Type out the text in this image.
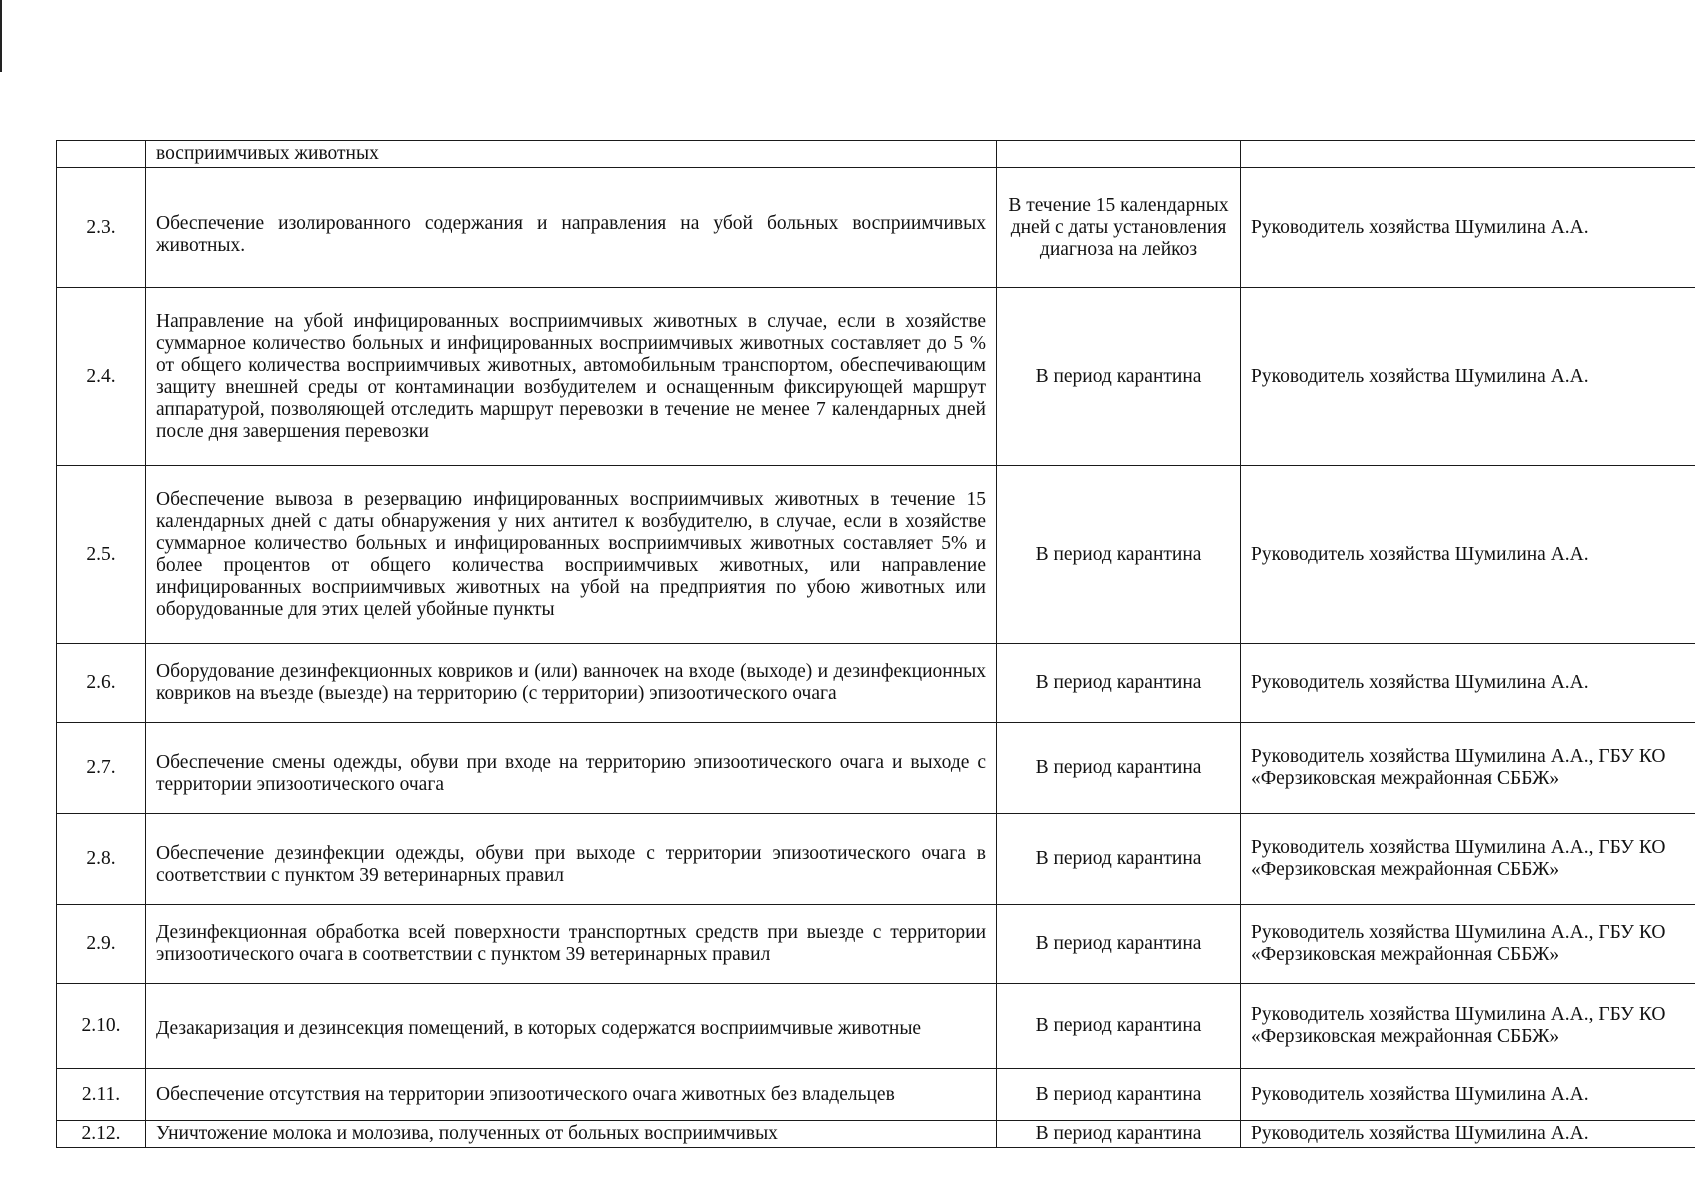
	восприимчивых животных		
2.3.	Обеспечение изолированного содержания и направления на убой больных восприимчивых животных.	В течение 15 календарных дней с даты установления диагноза на лейкоз	Руководитель хозяйства Шумилина А.А.
2.4.	Направление на убой инфицированных восприимчивых животных в случае, если в хозяйстве суммарное количество больных и инфицированных восприимчивых животных составляет до 5 % от общего количества восприимчивых животных, автомобильным транспортом, обеспечивающим защиту внешней среды от контаминации возбудителем и оснащенным фиксирующей маршрут аппаратурой, позволяющей отследить маршрут перевозки в течение не менее 7 календарных дней после дня завершения перевозки	В период карантина	Руководитель хозяйства Шумилина А.А.
2.5.	Обеспечение вывоза в резервацию инфицированных восприимчивых животных в течение 15 календарных дней с даты обнаружения у них антител к возбудителю, в случае, если в хозяйстве суммарное количество больных и инфицированных восприимчивых животных составляет 5% и более процентов от общего количества восприимчивых животных, или направление инфицированных восприимчивых животных на убой на предприятия по убою животных или оборудованные для этих целей убойные пункты	В период карантина	Руководитель хозяйства Шумилина А.А.
2.6.	Оборудование дезинфекционных ковриков и (или) ванночек на входе (выходе) и дезинфекционных ковриков на въезде (выезде) на территорию (с территории) эпизоотического очага	В период карантина	Руководитель хозяйства Шумилина А.А.
2.7.	Обеспечение смены одежды, обуви при входе на территорию эпизоотического очага и выходе с территории эпизоотического очага	В период карантина	Руководитель хозяйства Шумилина А.А., ГБУ КО «Ферзиковская межрайонная СББЖ»
2.8.	Обеспечение дезинфекции одежды, обуви при выходе с территории эпизоотического очага в соответствии с пунктом 39 ветеринарных правил	В период карантина	Руководитель хозяйства Шумилина А.А., ГБУ КО «Ферзиковская межрайонная СББЖ»
2.9.	Дезинфекционная обработка всей поверхности транспортных средств при выезде с территории эпизоотического очага в соответствии с пунктом 39 ветеринарных правил	В период карантина	Руководитель хозяйства Шумилина А.А., ГБУ КО «Ферзиковская межрайонная СББЖ»
2.10.	Дезакаризация и дезинсекция помещений, в которых содержатся восприимчивые животные	В период карантина	Руководитель хозяйства Шумилина А.А., ГБУ КО «Ферзиковская межрайонная СББЖ»
2.11.	Обеспечение отсутствия на территории эпизоотического очага животных без владельцев	В период карантина	Руководитель хозяйства Шумилина А.А.
2.12.	Уничтожение молока и молозива, полученных от больных восприимчивых	В период карантина	Руководитель хозяйства Шумилина А.А.
